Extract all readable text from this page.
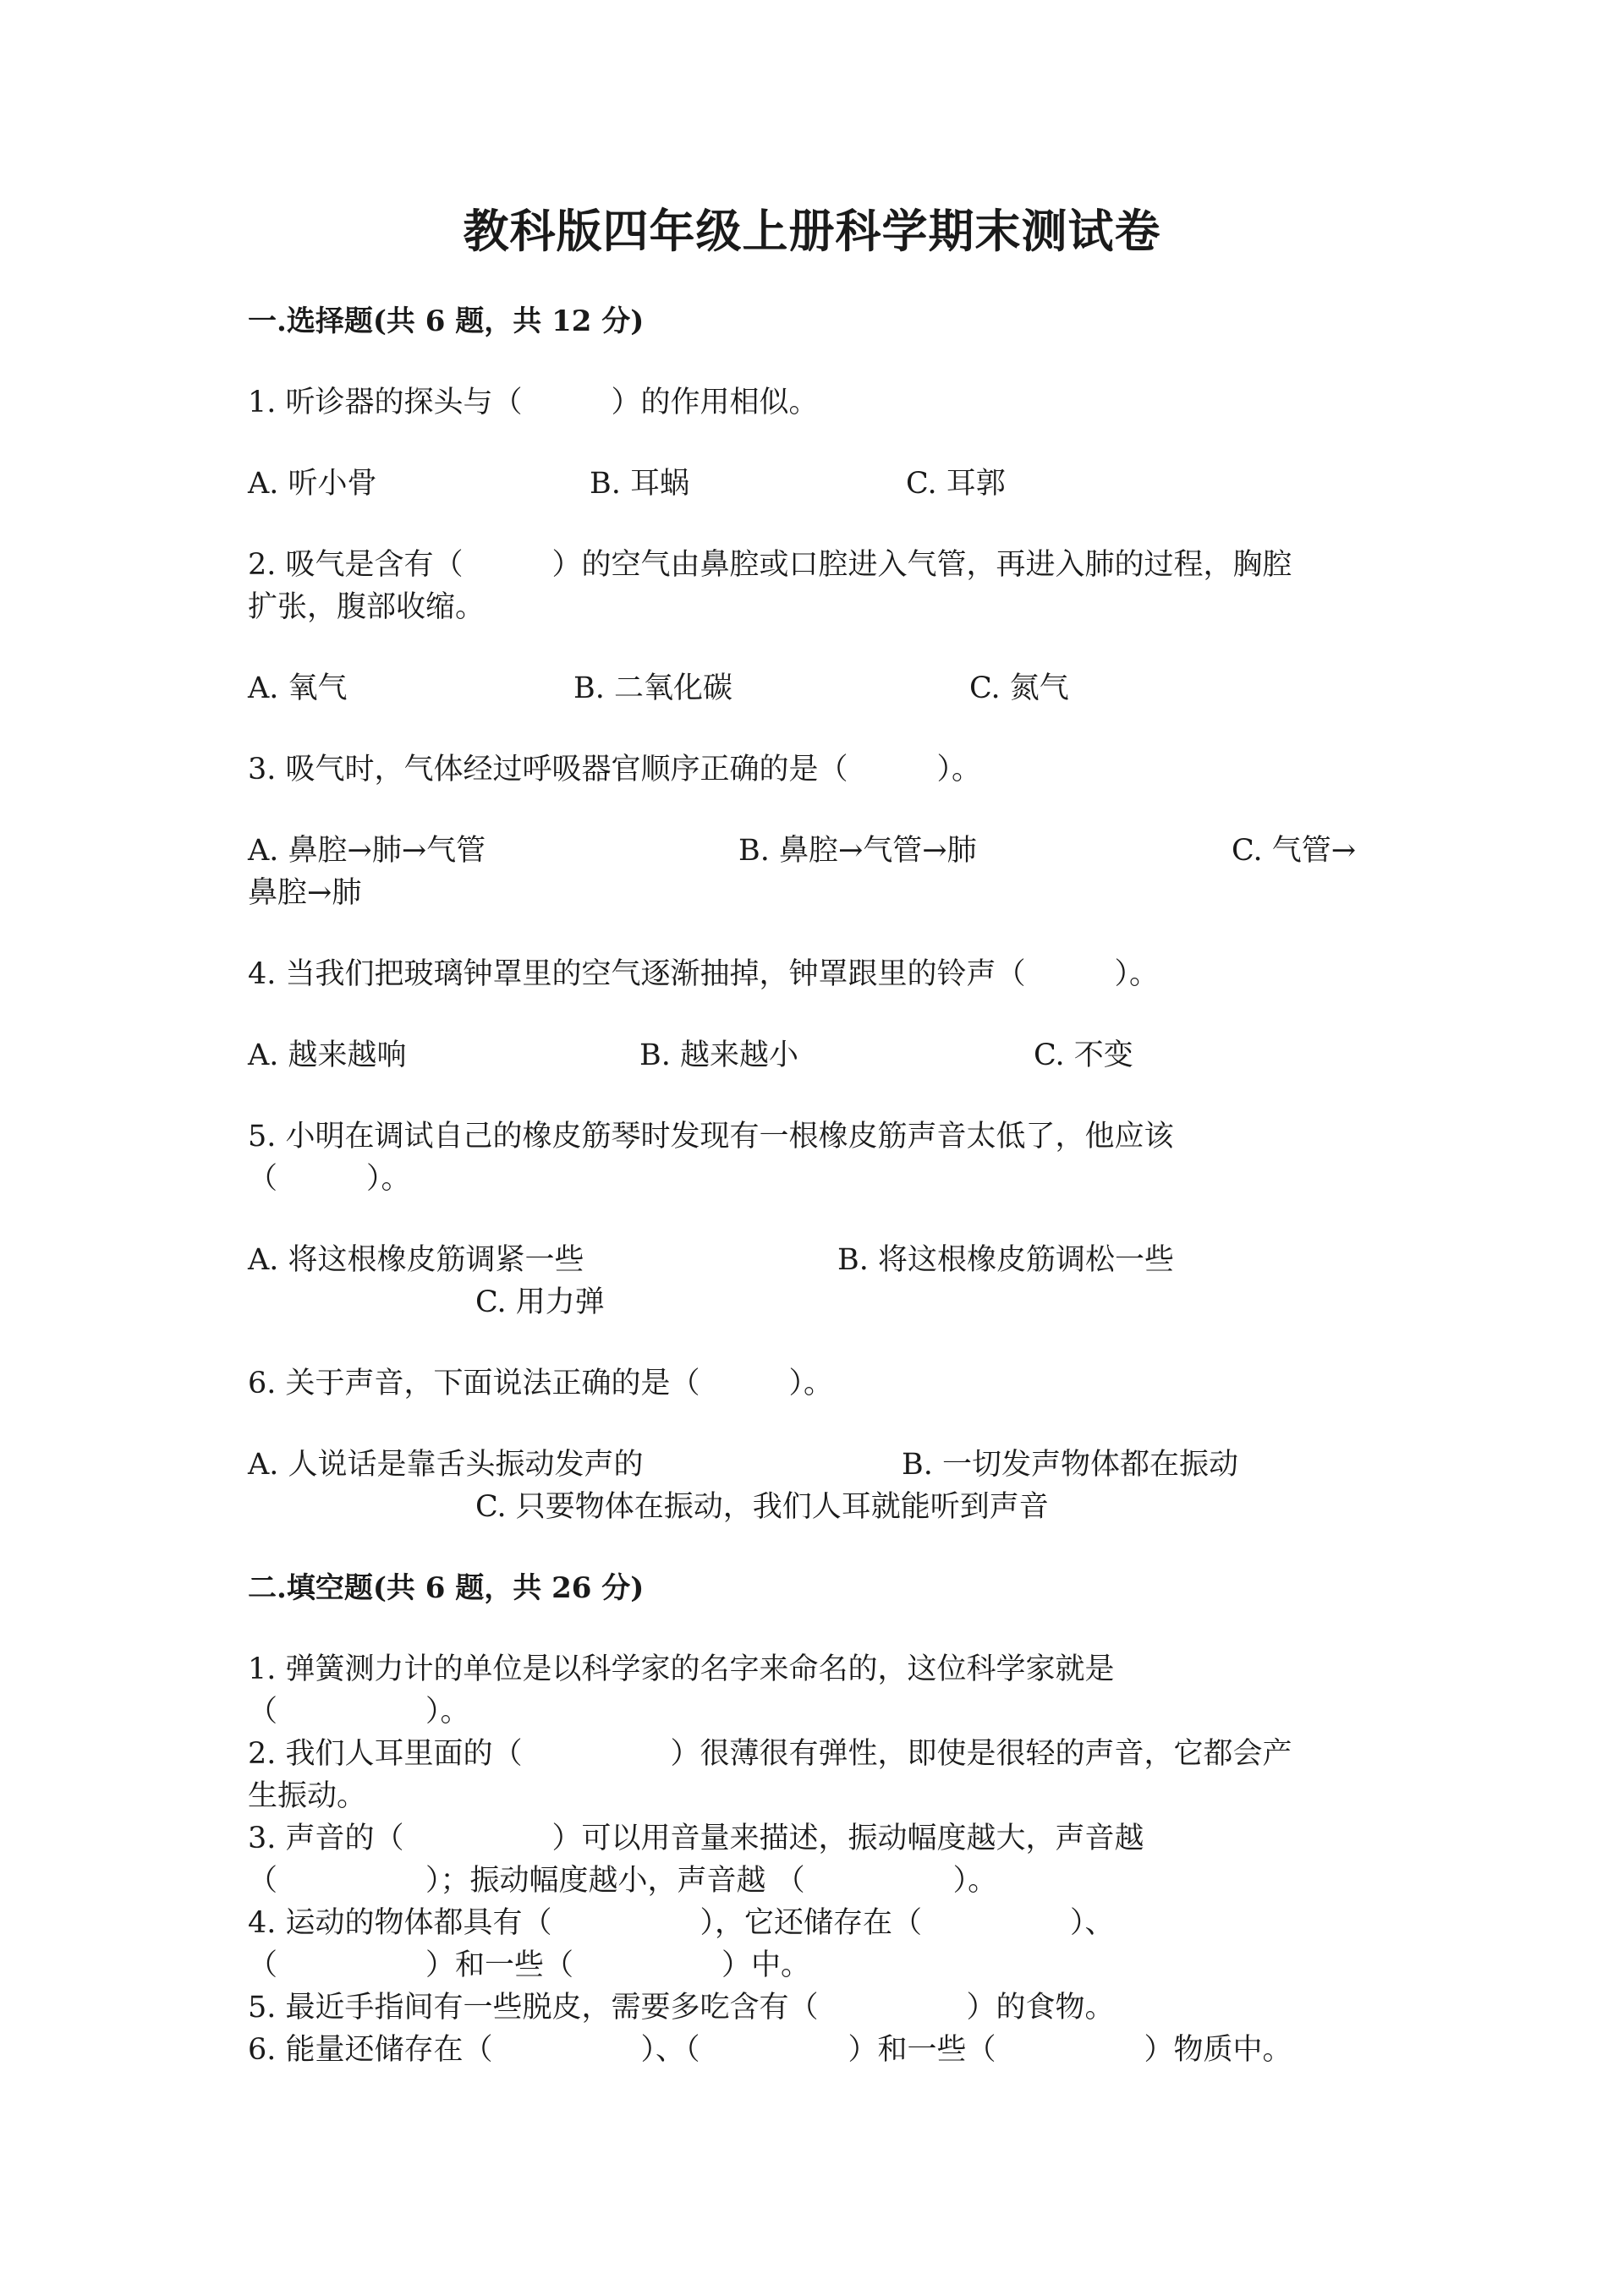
教科版四年级上册科学期末测试卷
一.选择题(共 6 题，共 12 分)
1. 听诊器的探头与（　　　）的作用相似。
A. 听小骨	B. 耳蜗	C. 耳郭
2. 吸气是含有（　　　）的空气由鼻腔或口腔进入气管，再进入肺的过程，胸腔
扩张，腹部收缩。
A. 氧气	B. 二氧化碳	C. 氮气
3. 吸气时，气体经过呼吸器官顺序正确的是（　　　）。
A. 鼻腔→肺→气管	B. 鼻腔→气管→肺	C. 气管→
鼻腔→肺
4. 当我们把玻璃钟罩里的空气逐渐抽掉，钟罩跟里的铃声（　　　）。
A. 越来越响	B. 越来越小	C. 不变
5. 小明在调试自己的橡皮筋琴时发现有一根橡皮筋声音太低了，他应该
（　　　）。
A. 将这根橡皮筋调紧一些	B. 将这根橡皮筋调松一些
C. 用力弹
6. 关于声音，下面说法正确的是（　　　）。
A. 人说话是靠舌头振动发声的	B. 一切发声物体都在振动
C. 只要物体在振动，我们人耳就能听到声音
二.填空题(共 6 题，共 26 分)
1. 弹簧测力计的单位是以科学家的名字来命名的，这位科学家就是
（　　　　　）。
2. 我们人耳里面的（　　　　　）很薄很有弹性，即使是很轻的声音，它都会产
生振动。
3. 声音的（　　　　　）可以用音量来描述，振动幅度越大，声音越
（　　　　　）；振动幅度越小，声音越 （　　　　　）。
4. 运动的物体都具有（　　　　　），它还储存在（　　　　　）、
（　　　　　）和一些（　　　　　）中。
5. 最近手指间有一些脱皮，需要多吃含有（　　　　　）的食物。
6. 能量还储存在（　　　　　）、（　　　　　）和一些（　　　　　）物质中。
